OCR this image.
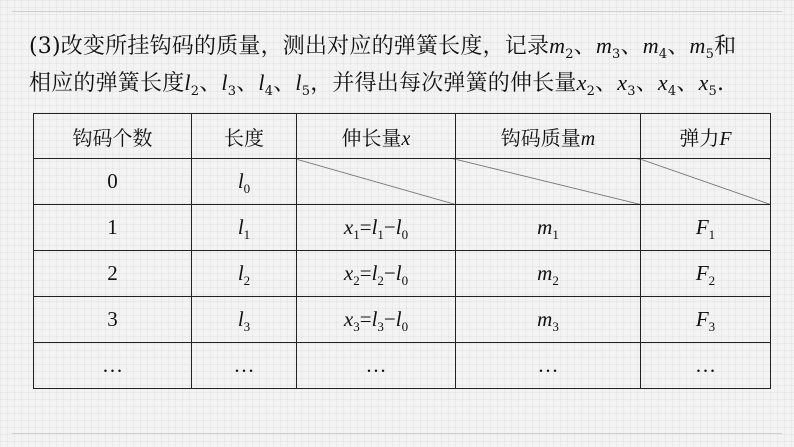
(3)改变所挂钩码的质量，测出对应的弹簧长度，记录$m_2$、$m_3$、$m_4$、$m_5$和
相应的弹簧长度$l_2$、$l_3$、$l_4$、$l_5$，并得出每次弹簧的伸长量$x_2$、$x_3$、$x_4$、$x_5$.
钩码个数	长度	伸长量x	钩码质量m	弹力F
0	$l_0$			
1	$l_1$	$x_1=l_1-l_0$	$m_1$	$F_1$
2	$l_2$	$x_2=l_2-l_0$	$m_2$	$F_2$
3	$l_3$	$x_3=l_3-l_0$	$m_3$	$F_3$
…	…	…	…	…
